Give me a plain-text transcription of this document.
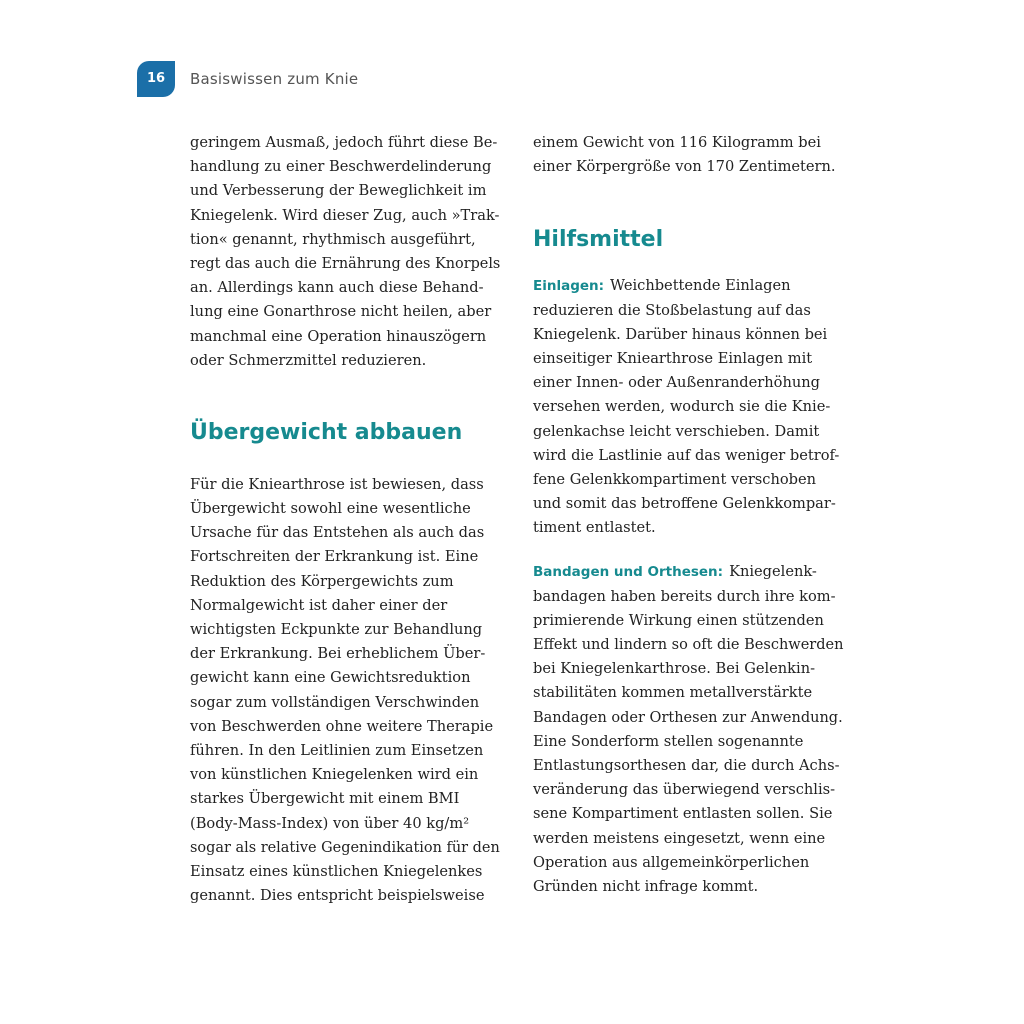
16	Basiswissen zum Knie
geringem Ausmaß, jedoch führt diese Be-
handlung zu einer Beschwerdelinderung
und Verbesserung der Beweglichkeit im
Kniegelenk. Wird dieser Zug, auch »Trak-
tion« genannt, rhythmisch ausgeführt,
regt das auch die Ernährung des Knorpels
an. Allerdings kann auch diese Behand-
lung eine Gonarthrose nicht heilen, aber
manchmal eine Operation hinauszögern
oder Schmerzmittel reduzieren.
Übergewicht abbauen
Für die Kniearthrose ist bewiesen, dass
Übergewicht sowohl eine wesentliche
Ursache für das Entstehen als auch das
Fortschreiten der Erkrankung ist. Eine
Reduktion des Körpergewichts zum
Normalgewicht ist daher einer der
wichtigsten Eckpunkte zur Behandlung
der Erkrankung. Bei erheblichem Über-
gewicht kann eine Gewichtsreduktion
sogar zum vollständigen Verschwinden
von Beschwerden ohne weitere Therapie
führen. In den Leitlinien zum Einsetzen
von künstlichen Kniegelenken wird ein
starkes Übergewicht mit einem BMI
(Body-Mass-Index) von über 40 kg/m²
sogar als relative Gegenindikation für den
Einsatz eines künstlichen Kniegelenkes
genannt. Dies entspricht beispielsweise
einem Gewicht von 116 Kilogramm bei
einer Körpergröße von 170 Zentimetern.
Hilfsmittel
Einlagen: Weichbettende Einlagen
reduzieren die Stoßbelastung auf das
Kniegelenk. Darüber hinaus können bei
einseitiger Kniearthrose Einlagen mit
einer Innen- oder Außenranderhöhung
versehen werden, wodurch sie die Knie-
gelenkachse leicht verschieben. Damit
wird die Lastlinie auf das weniger betrof-
fene Gelenkkompartiment verschoben
und somit das betroffene Gelenkkompar-
timent entlastet.
Bandagen und Orthesen: Kniegelenk-
bandagen haben bereits durch ihre kom-
primierende Wirkung einen stützenden
Effekt und lindern so oft die Beschwerden
bei Kniegelenkarthrose. Bei Gelenkin-
stabilitäten kommen metallverstärkte
Bandagen oder Orthesen zur Anwendung.
Eine Sonderform stellen sogenannte
Entlastungsorthesen dar, die durch Achs-
veränderung das überwiegend verschlis-
sene Kompartiment entlasten sollen. Sie
werden meistens eingesetzt, wenn eine
Operation aus allgemeinkörperlichen
Gründen nicht infrage kommt.
